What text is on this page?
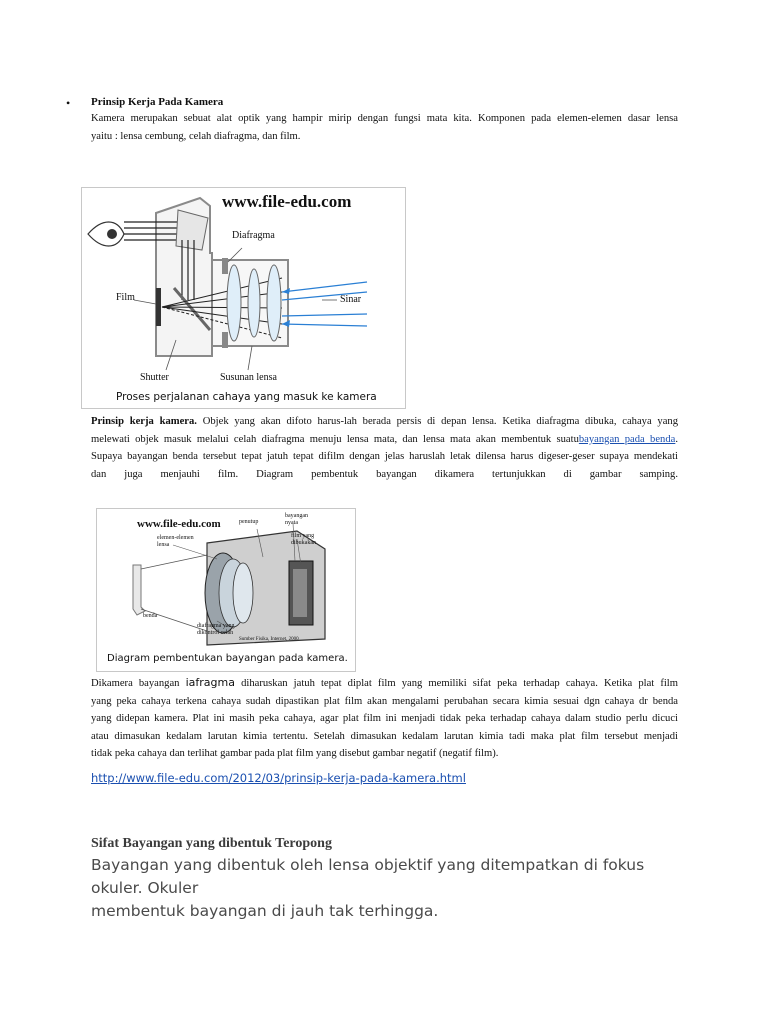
• Prinsip Kerja Pada Kamera

Kamera merupakan sebuat alat optik yang hampir mirip dengan fungsi mata kita. Komponen pada elemen-elemen dasar lensa

yaitu : lensa cembung, celah diafragma, dan film.

www.file-edu.com
Diafragma
Film	Sinar
Shutter	Susunan lensa
Proses perjalanan cahaya yang masuk ke kamera

Prinsip kerja kamera. Objek yang akan difoto harus-lah berada persis di depan lensa. Ketika diafragma dibuka, cahaya yang

melewati objek masuk melalui celah diafragma menuju lensa mata, dan lensa mata akan membentuk suatubayangan pada benda.

Supaya bayangan benda tersebut tepat jatuh tepat difilm dengan jelas haruslah letak dilensa harus digeser-geser supaya mendekati

dan juga menjauhi film. Diagram pembentuk bayangan dikamera tertunjukkan di gambar samping.

www.file-edu.com	penutup
bayangan nyata
elemen-elemen lensa
film yang dibukakan
benda
diafragma yang dikontrol celah
Sumber Fisika, Internet, 2000
Diagram pembentukan bayangan pada kamera.

Dikamera bayangan iafragma diharuskan jatuh tepat diplat film yang memiliki sifat peka terhadap cahaya. Ketika plat film

yang peka cahaya terkena cahaya sudah dipastikan plat film akan mengalami perubahan secara kimia sesuai dgn cahaya dr benda

yang didepan kamera. Plat ini masih peka cahaya, agar plat film ini menjadi tidak peka terhadap cahaya dalam studio perlu dicuci

atau dimasukan kedalam larutan kimia tertentu. Setelah dimasukan kedalam larutan kimia tadi maka plat film tersebut menjadi

tidak peka cahaya dan terlihat gambar pada plat film yang disebut gambar negatif (negatif film).

http://www.file-edu.com/2012/03/prinsip-kerja-pada-kamera.html
Sifat Bayangan yang dibentuk Teropong
Bayangan yang dibentuk oleh lensa objektif yang ditempatkan di fokus okuler. Okuler
membentuk bayangan di jauh tak terhingga.
